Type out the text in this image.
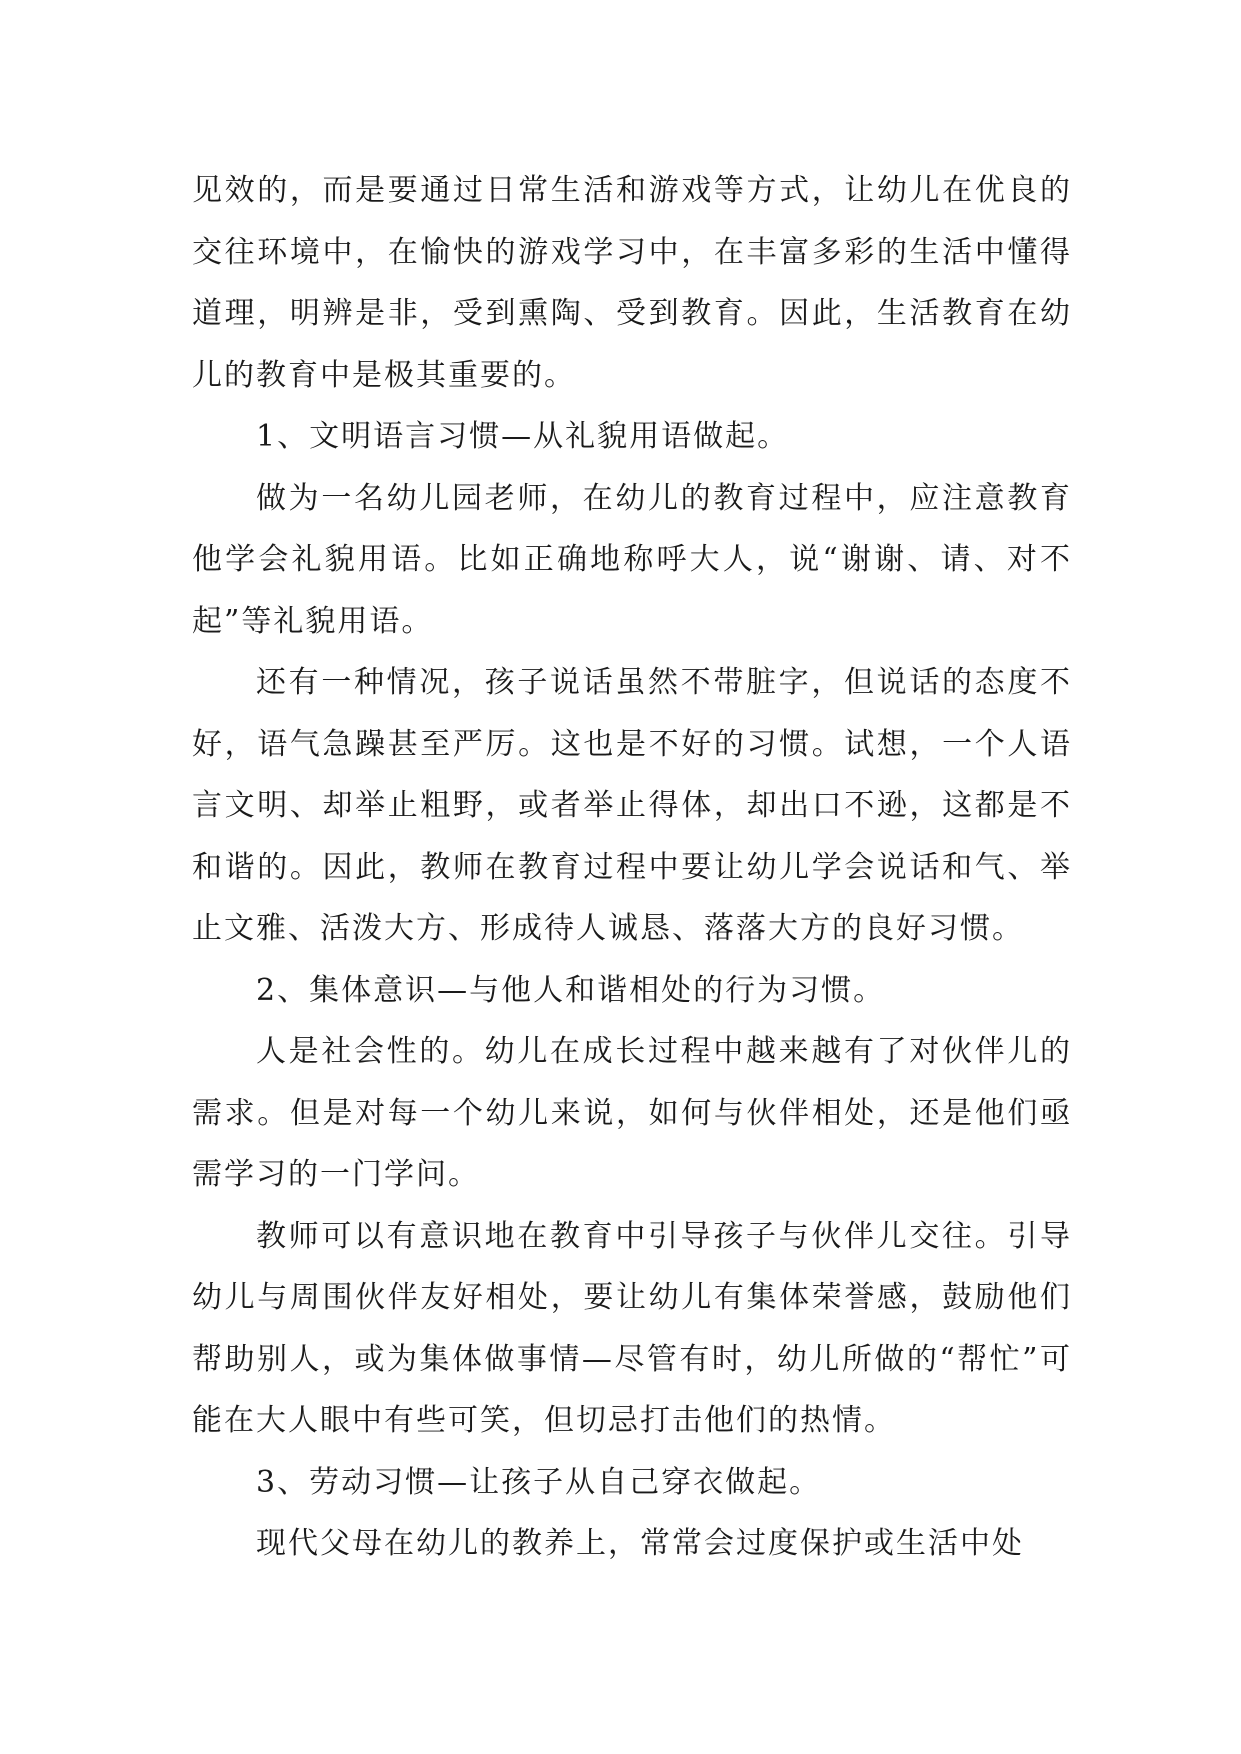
见效的，而是要通过日常生活和游戏等方式，让幼儿在优良的交往环境中，在愉快的游戏学习中，在丰富多彩的生活中懂得道理，明辨是非，受到熏陶、受到教育。因此，生活教育在幼儿的教育中是极其重要的。

1、文明语言习惯—从礼貌用语做起。

做为一名幼儿园老师，在幼儿的教育过程中，应注意教育他学会礼貌用语。比如正确地称呼大人，说“谢谢、请、对不起”等礼貌用语。

还有一种情况，孩子说话虽然不带脏字，但说话的态度不好，语气急躁甚至严厉。这也是不好的习惯。试想，一个人语言文明、却举止粗野，或者举止得体，却出口不逊，这都是不和谐的。因此，教师在教育过程中要让幼儿学会说话和气、举止文雅、活泼大方、形成待人诚恳、落落大方的良好习惯。

2、集体意识—与他人和谐相处的行为习惯。

人是社会性的。幼儿在成长过程中越来越有了对伙伴儿的需求。但是对每一个幼儿来说，如何与伙伴相处，还是他们亟需学习的一门学问。

教师可以有意识地在教育中引导孩子与伙伴儿交往。引导幼儿与周围伙伴友好相处，要让幼儿有集体荣誉感，鼓励他们帮助别人，或为集体做事情—尽管有时，幼儿所做的“帮忙”可能在大人眼中有些可笑，但切忌打击他们的热情。

3、劳动习惯—让孩子从自己穿衣做起。

现代父母在幼儿的教养上，常常会过度保护或生活中处
